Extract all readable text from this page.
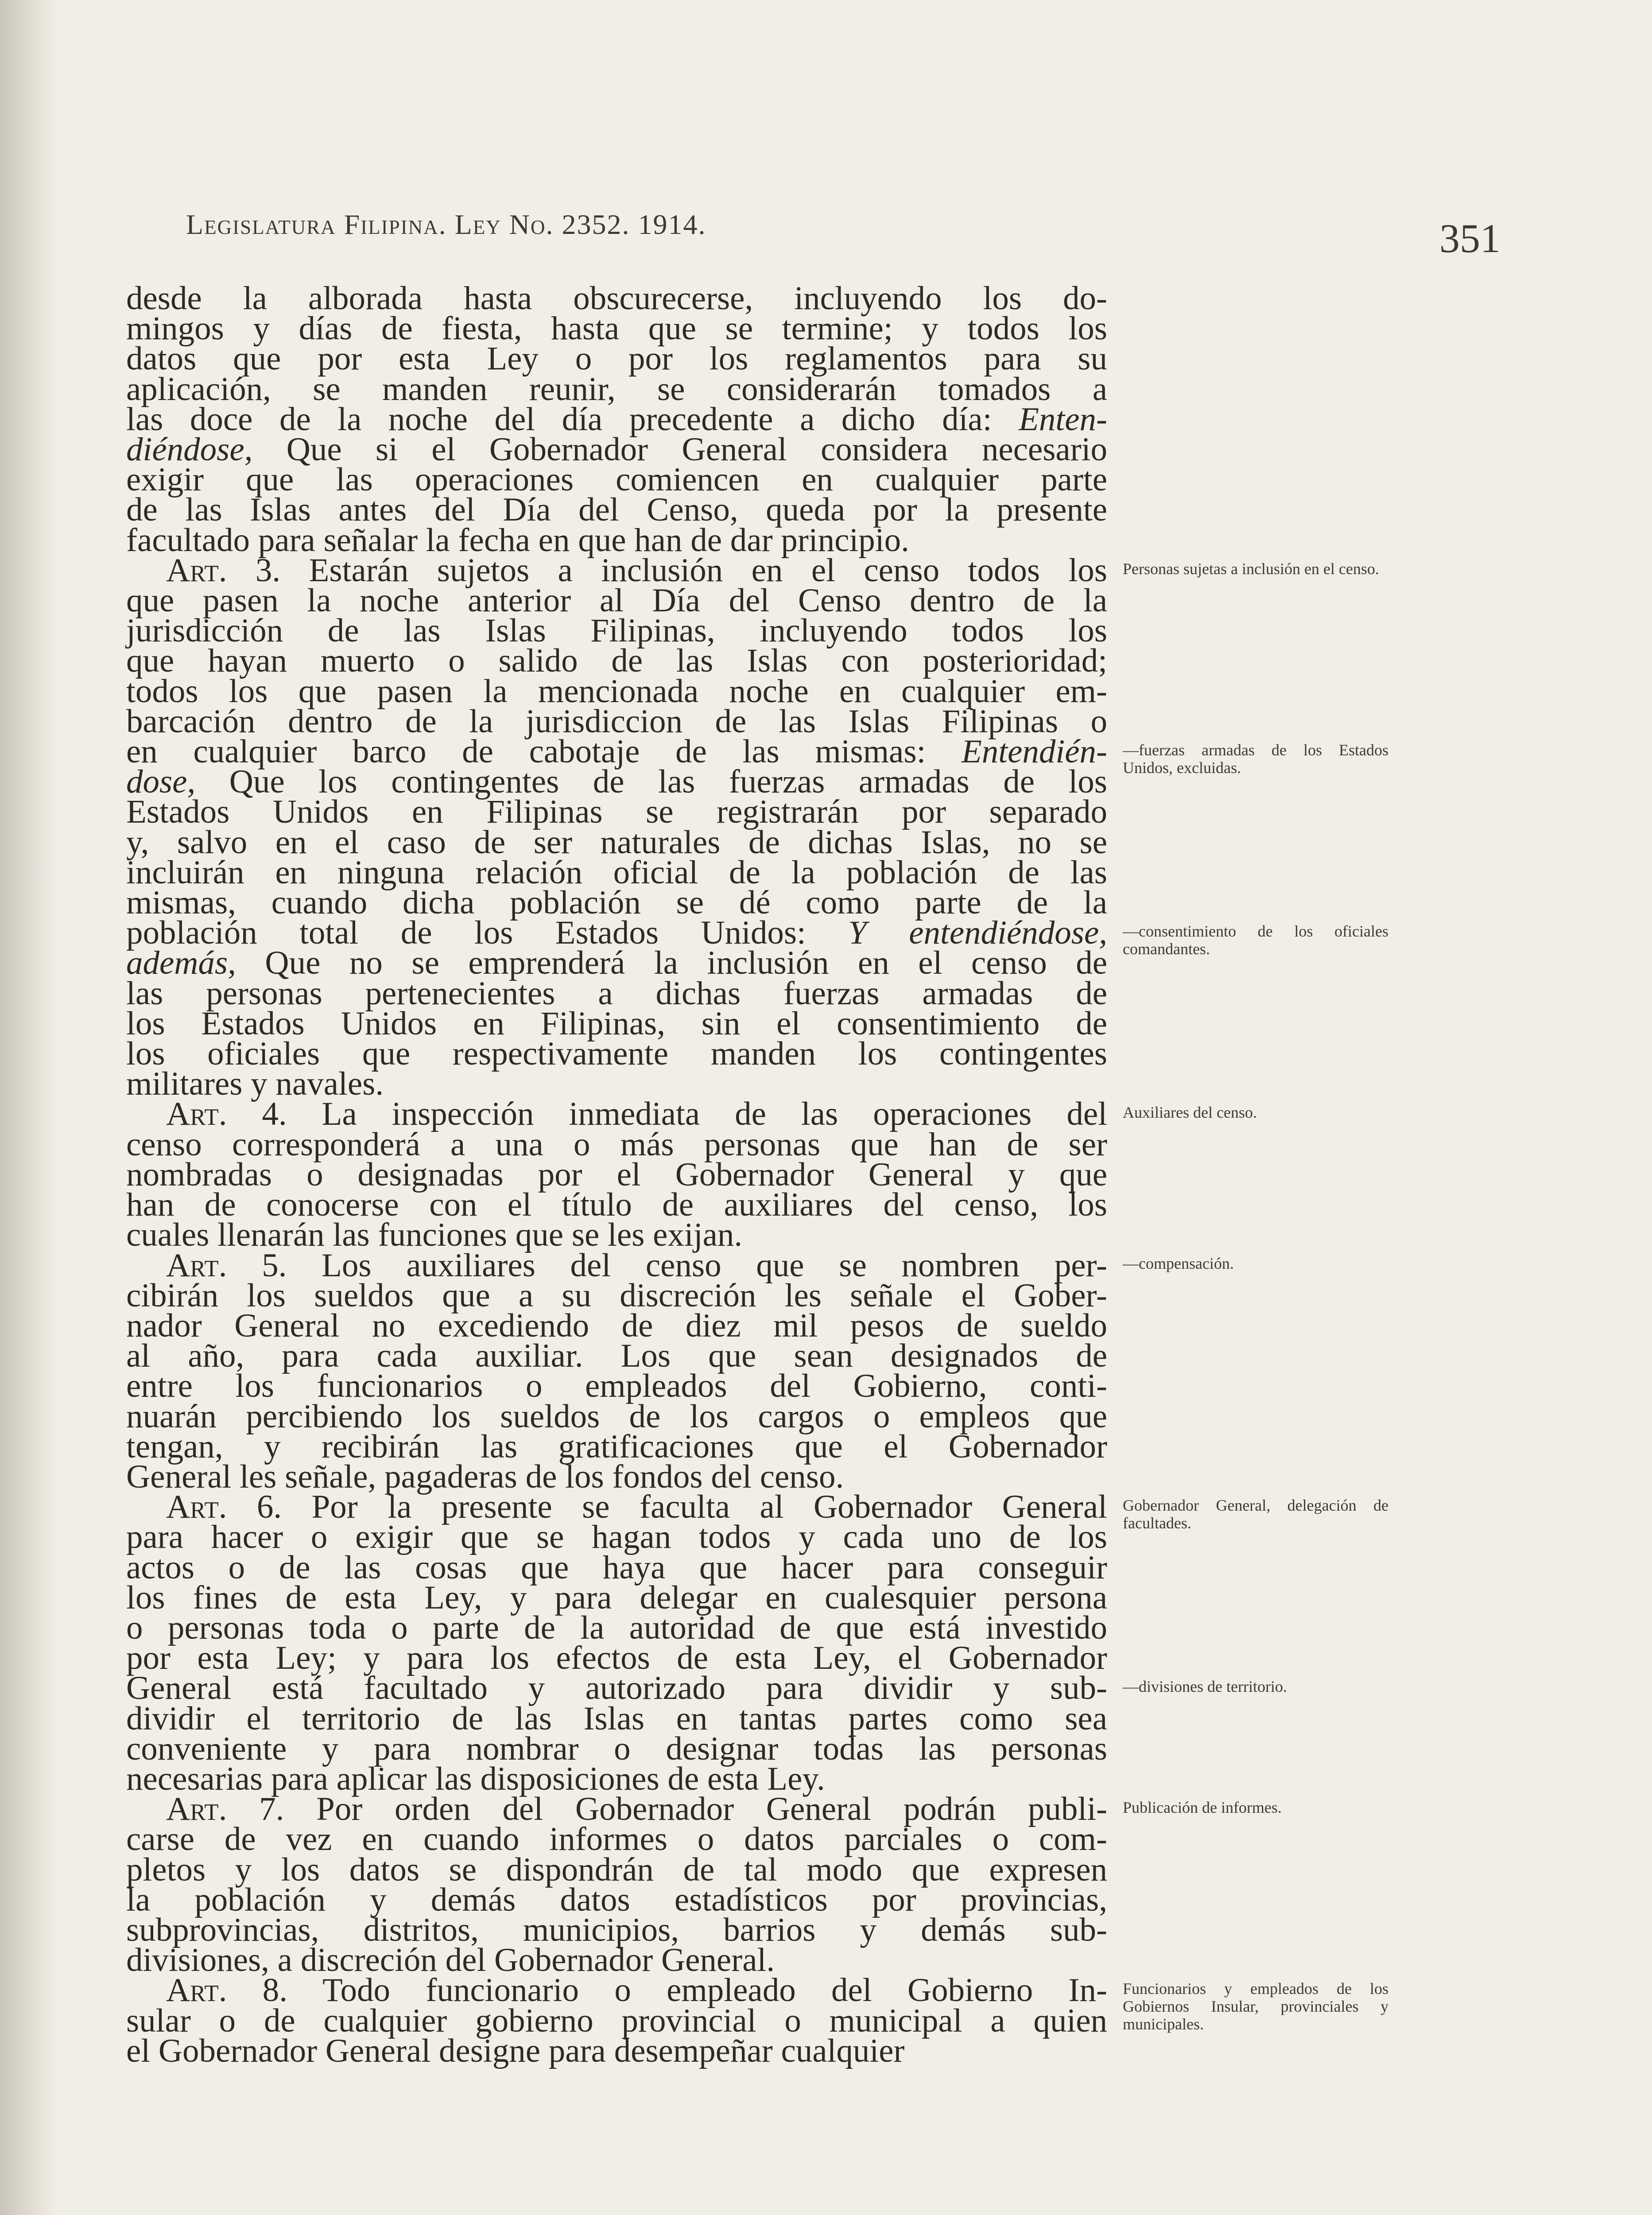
Legislatura Filipina. Ley No. 2352. 1914.	351
desde la alborada hasta obscurecerse, incluyendo los do-
mingos y días de fiesta, hasta que se termine; y todos los
datos que por esta Ley o por los reglamentos para su
aplicación, se manden reunir, se considerarán tomados a
las doce de la noche del día precedente a dicho día: Enten-
diéndose, Que si el Gobernador General considera necesario
exigir que las operaciones comiencen en cualquier parte
de las Islas antes del Día del Censo, queda por la presente
facultado para señalar la fecha en que han de dar principio.
Art. 3. Estarán sujetos a inclusión en el censo todos los
que pasen la noche anterior al Día del Censo dentro de la
jurisdicción de las Islas Filipinas, incluyendo todos los
que hayan muerto o salido de las Islas con posterioridad;
todos los que pasen la mencionada noche en cualquier em-
barcación dentro de la jurisdiccion de las Islas Filipinas o
en cualquier barco de cabotaje de las mismas: Entendién-
dose, Que los contingentes de las fuerzas armadas de los
Estados Unidos en Filipinas se registrarán por separado
y, salvo en el caso de ser naturales de dichas Islas, no se
incluirán en ninguna relación oficial de la población de las
mismas, cuando dicha población se dé como parte de la
población total de los Estados Unidos: Y entendiéndose,
además, Que no se emprenderá la inclusión en el censo de
las personas pertenecientes a dichas fuerzas armadas de
los Estados Unidos en Filipinas, sin el consentimiento de
los oficiales que respectivamente manden los contingentes
militares y navales.
Art. 4. La inspección inmediata de las operaciones del
censo corresponderá a una o más personas que han de ser
nombradas o designadas por el Gobernador General y que
han de conocerse con el título de auxiliares del censo, los
cuales llenarán las funciones que se les exijan.
Art. 5. Los auxiliares del censo que se nombren per-
cibirán los sueldos que a su discreción les señale el Gober-
nador General no excediendo de diez mil pesos de sueldo
al año, para cada auxiliar. Los que sean designados de
entre los funcionarios o empleados del Gobierno, conti-
nuarán percibiendo los sueldos de los cargos o empleos que
tengan, y recibirán las gratificaciones que el Gobernador
General les señale, pagaderas de los fondos del censo.
Art. 6. Por la presente se faculta al Gobernador General
para hacer o exigir que se hagan todos y cada uno de los
actos o de las cosas que haya que hacer para conseguir
los fines de esta Ley, y para delegar en cualesquier persona
o personas toda o parte de la autoridad de que está investido
por esta Ley; y para los efectos de esta Ley, el Gobernador
General está facultado y autorizado para dividir y sub-
dividir el territorio de las Islas en tantas partes como sea
conveniente y para nombrar o designar todas las personas
necesarias para aplicar las disposiciones de esta Ley.
Art. 7. Por orden del Gobernador General podrán publi-
carse de vez en cuando informes o datos parciales o com-
pletos y los datos se dispondrán de tal modo que expresen
la población y demás datos estadísticos por provincias,
subprovincias, distritos, municipios, barrios y demás sub-
divisiones, a discreción del Gobernador General.
Art. 8. Todo funcionario o empleado del Gobierno In-
sular o de cualquier gobierno provincial o municipal a quien
el Gobernador General designe para desempeñar cualquier
Personas sujetas a inclusión en el censo.
—fuerzas armadas de los Estados Unidos, excluidas.
—consentimiento de los oficiales comandantes.
Auxiliares del censo.
—compensación.
Gobernador General, delegación de facultades.
—divisiones de territorio.
Publicación de informes.
Funcionarios y empleados de los Gobiernos Insular, provinciales y municipales.
